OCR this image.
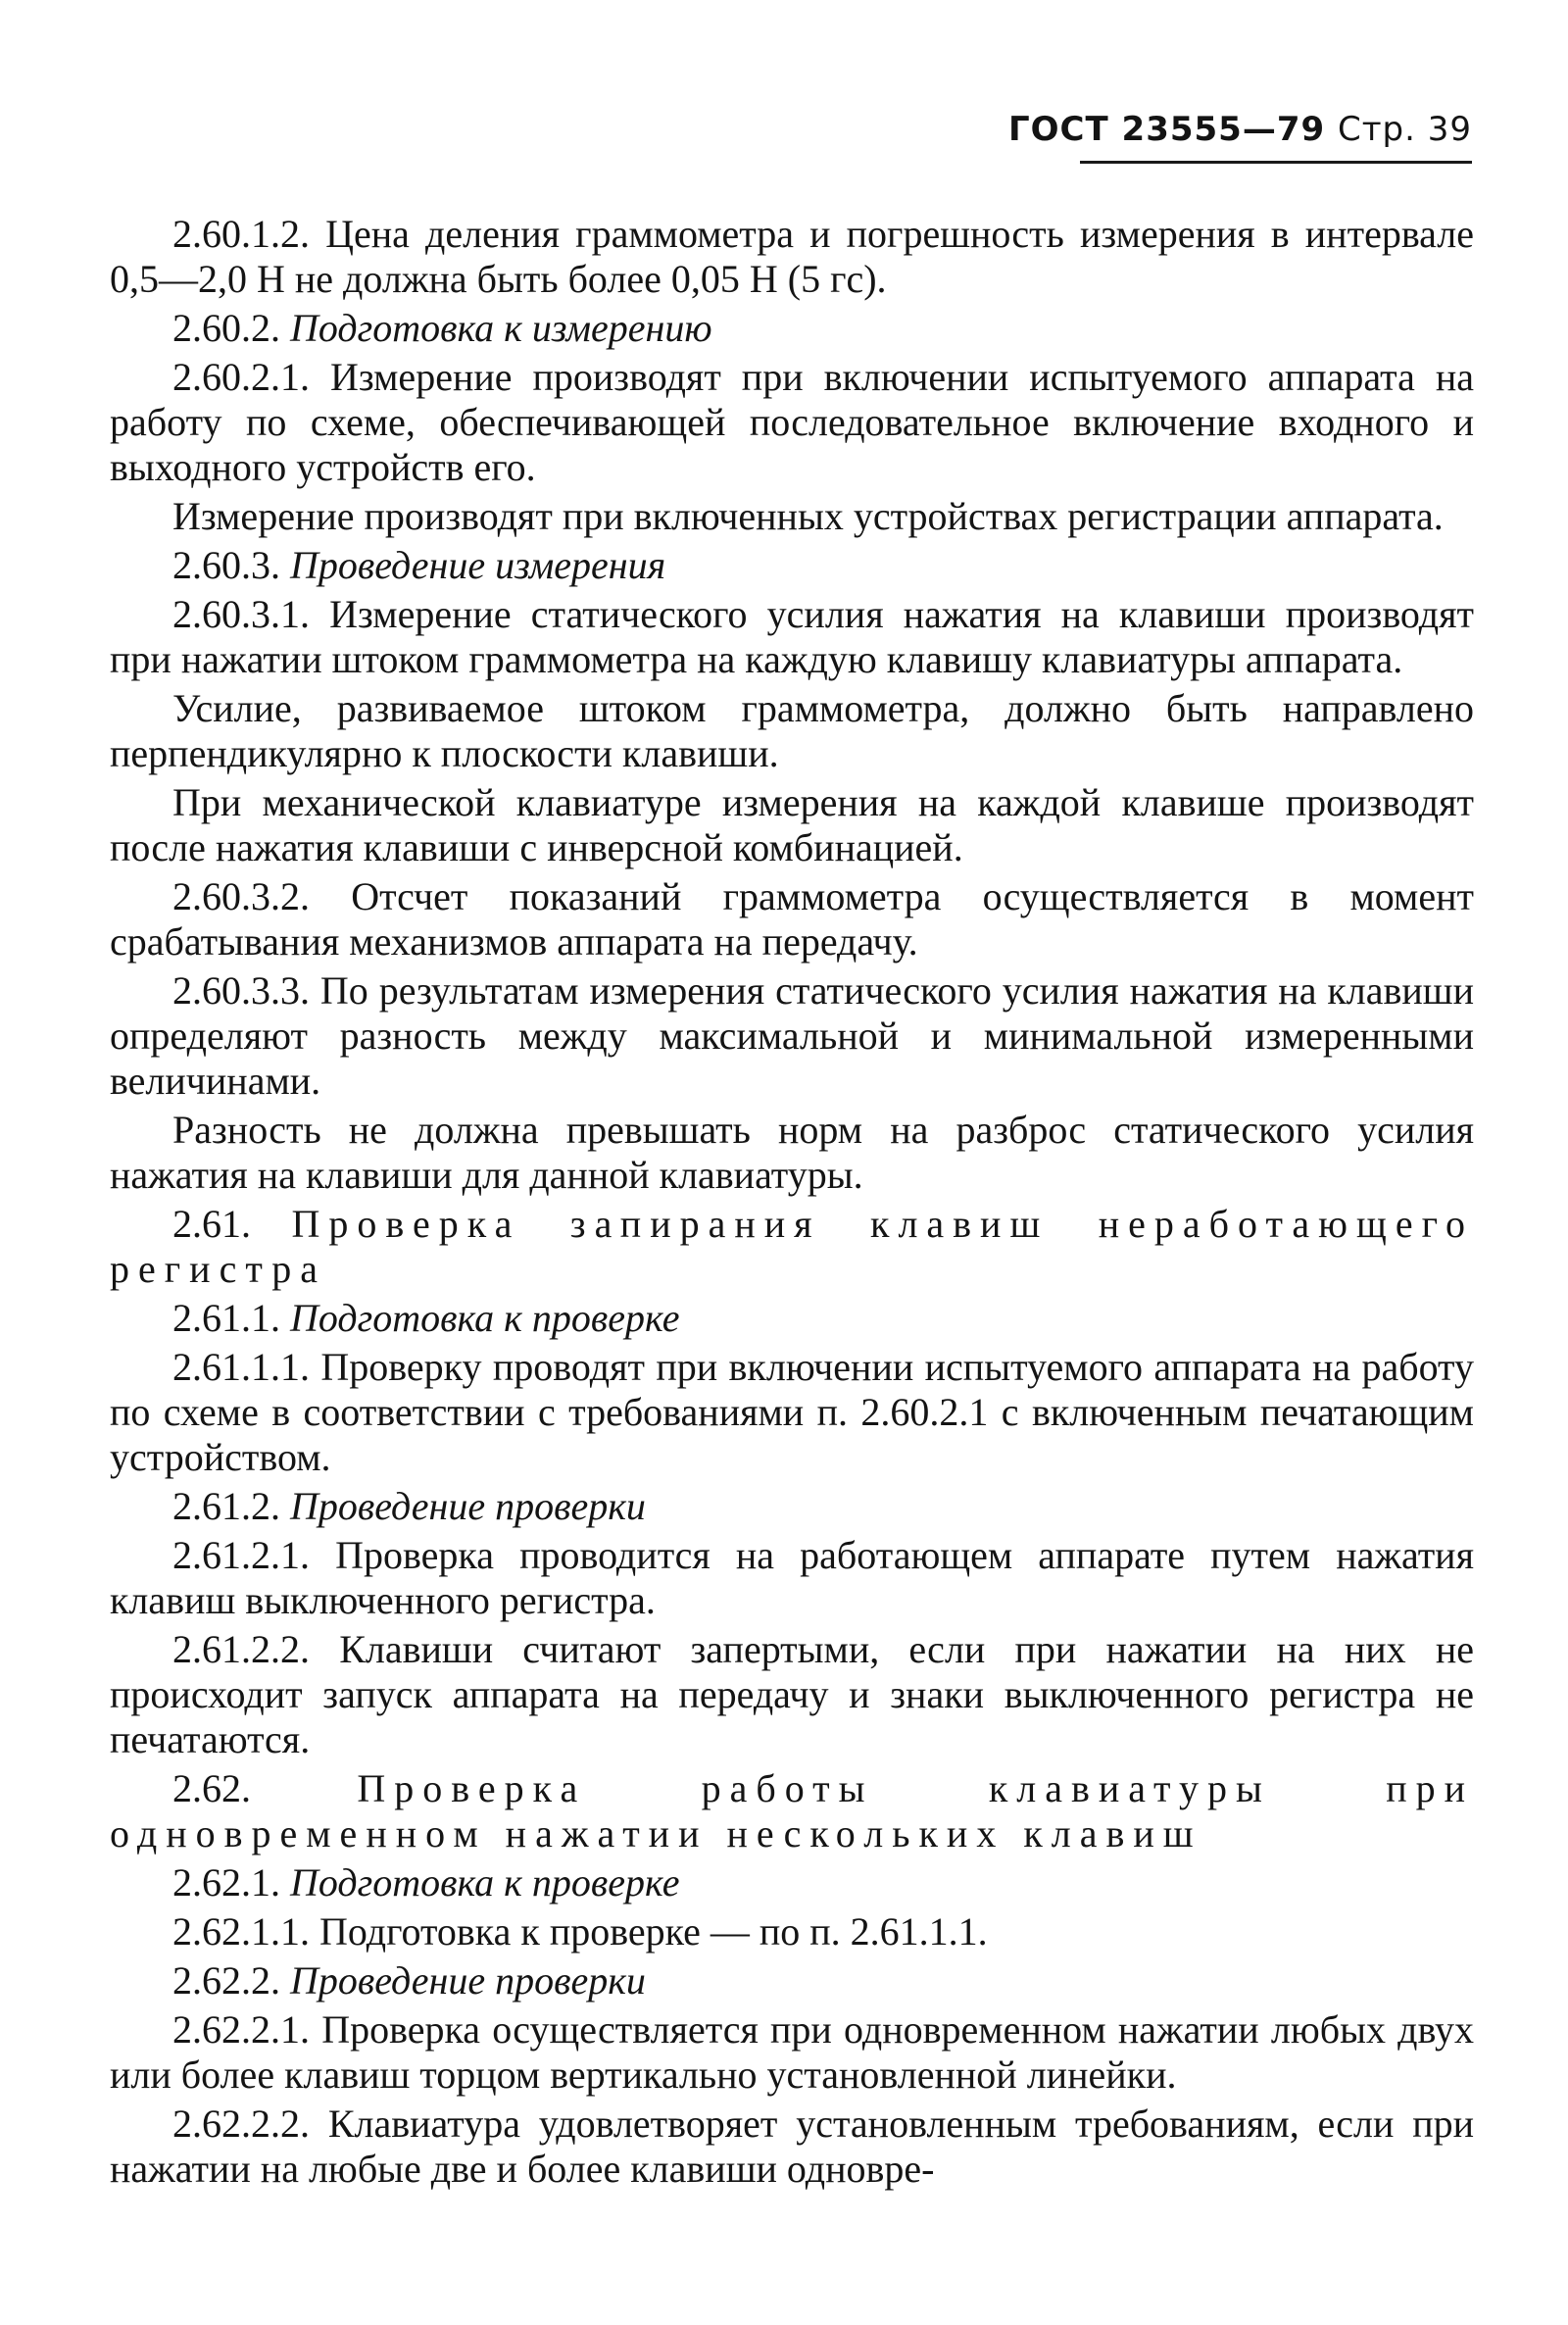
ГОСТ 23555—79 Стр. 39

2.60.1.2. Цена деления граммометра и погрешность измерения в интервале 0,5—2,0 Н не должна быть более 0,05 Н (5 гс).

2.60.2. Подготовка к измерению

2.60.2.1. Измерение производят при включении испытуемого аппарата на работу по схеме, обеспечивающей последовательное включение входного и выходного устройств его.

Измерение производят при включенных устройствах регистрации аппарата.

2.60.3. Проведение измерения

2.60.3.1. Измерение статического усилия нажатия на клавиши производят при нажатии штоком граммометра на каждую клавишу клавиатуры аппарата.

Усилие, развиваемое штоком граммометра, должно быть направлено перпендикулярно к плоскости клавиши.

При механической клавиатуре измерения на каждой клавише производят после нажатия клавиши с инверсной комбинацией.

2.60.3.2. Отсчет показаний граммометра осуществляется в момент срабатывания механизмов аппарата на передачу.

2.60.3.3. По результатам измерения статического усилия нажатия на клавиши определяют разность между максимальной и минимальной измеренными величинами.

Разность не должна превышать норм на разброс статического усилия нажатия на клавиши для данной клавиатуры.

2.61. Проверка запирания клавиш неработающего регистра

2.61.1. Подготовка к проверке

2.61.1.1. Проверку проводят при включении испытуемого аппарата на работу по схеме в соответствии с требованиями п. 2.60.2.1 с включенным печатающим устройством.

2.61.2. Проведение проверки

2.61.2.1. Проверка проводится на работающем аппарате путем нажатия клавиш выключенного регистра.

2.61.2.2. Клавиши считают запертыми, если при нажатии на них не происходит запуск аппарата на передачу и знаки выключенного регистра не печатаются.

2.62.	Проверка работы клавиатуры при одновременном нажатии нескольких клавиш

2.62.1. Подготовка к проверке

2.62.1.1. Подготовка к проверке — по п. 2.61.1.1.

2.62.2. Проведение проверки

2.62.2.1. Проверка осуществляется при одновременном нажатии любых двух или более клавиш торцом вертикально установленной линейки.

2.62.2.2. Клавиатура удовлетворяет установленным требованиям, если при нажатии на любые две и более клавиши одновре-
